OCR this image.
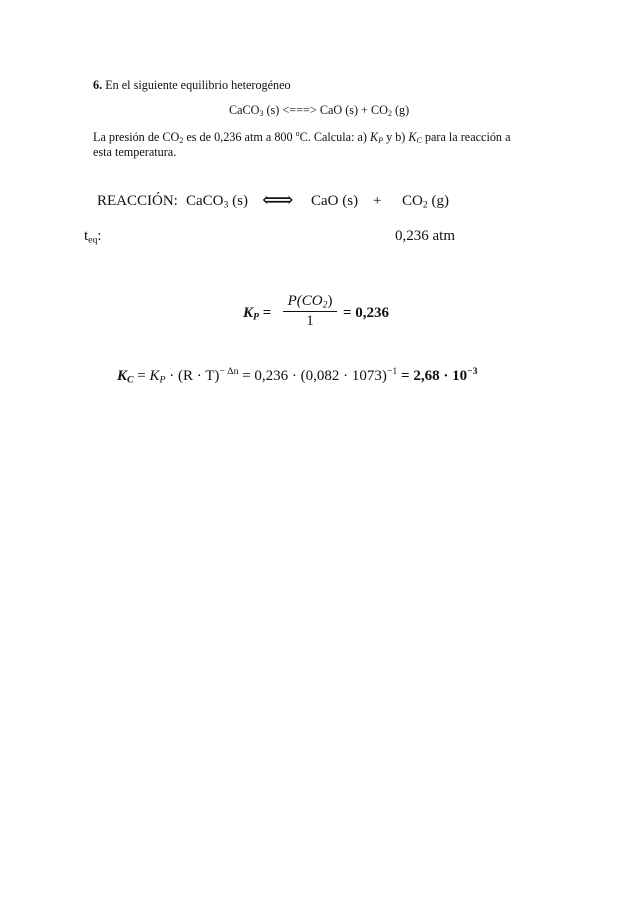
6. En el siguiente equilibrio heterogéneo
CaCO$_3$ (s) <===> CaO $(s) + CO_2$ (g)
La presión de $CO_2$ es de 0,236 atm a 800 $^o$C. Calcula: a) $K_P$ y b) $K_C$ para la reacción a
esta temperatura.
REACCIÓN: CaCO$_3$ (s) ⟺ CaO $(s) + CO_2$ (g)
$t_{eq}$:	0,236 atm
$K_P$ =
$P(CO_2)$
1
= 0,236
$K_C = K_P \cdot (R \cdot T)^{- \Delta n} = 0,236 \cdot (0,082 \cdot 1073)^{-1} = 2,68 \cdot 10^{-3}$
